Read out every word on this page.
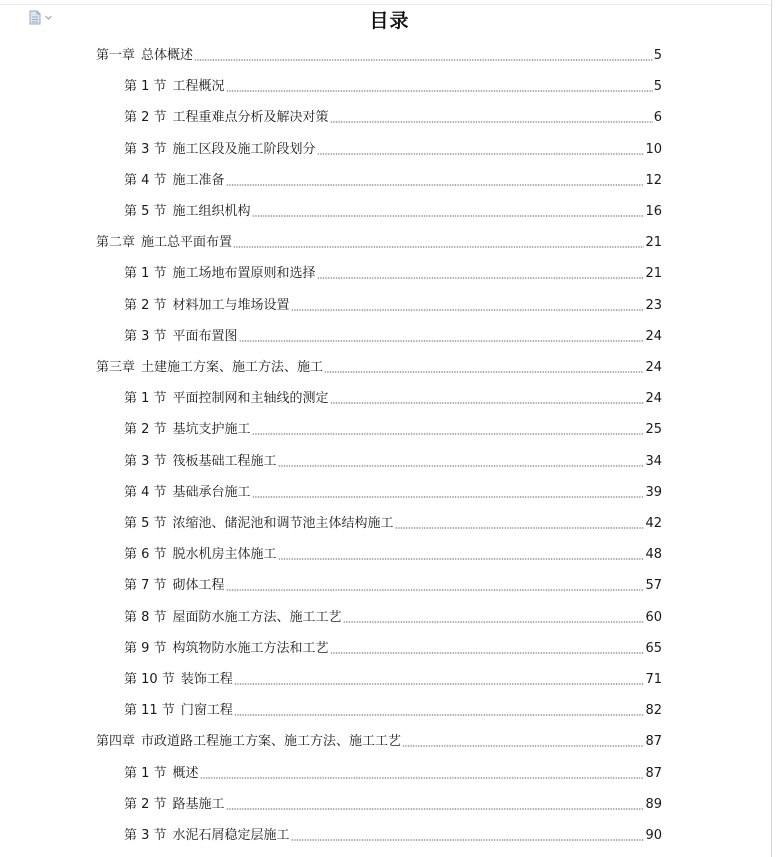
目录
第一章 总体概述	5
第 1 节 工程概况	5
第 2 节 工程重难点分析及解决对策	6
第 3 节 施工区段及施工阶段划分	10
第 4 节 施工准备	12
第 5 节 施工组织机构	16
第二章 施工总平面布置	21
第 1 节 施工场地布置原则和选择	21
第 2 节 材料加工与堆场设置	23
第 3 节 平面布置图	24
第三章 土建施工方案、施工方法、施工	24
第 1 节 平面控制网和主轴线的测定	24
第 2 节 基坑支护施工	25
第 3 节 筏板基础工程施工	34
第 4 节 基础承台施工	39
第 5 节 浓缩池、储泥池和调节池主体结构施工	42
第 6 节 脱水机房主体施工	48
第 7 节 砌体工程	57
第 8 节 屋面防水施工方法、施工工艺	60
第 9 节 构筑物防水施工方法和工艺	65
第 10 节 装饰工程	71
第 11 节 门窗工程	82
第四章 市政道路工程施工方案、施工方法、施工工艺	87
第 1 节 概述	87
第 2 节 路基施工	89
第 3 节 水泥石屑稳定层施工	90
